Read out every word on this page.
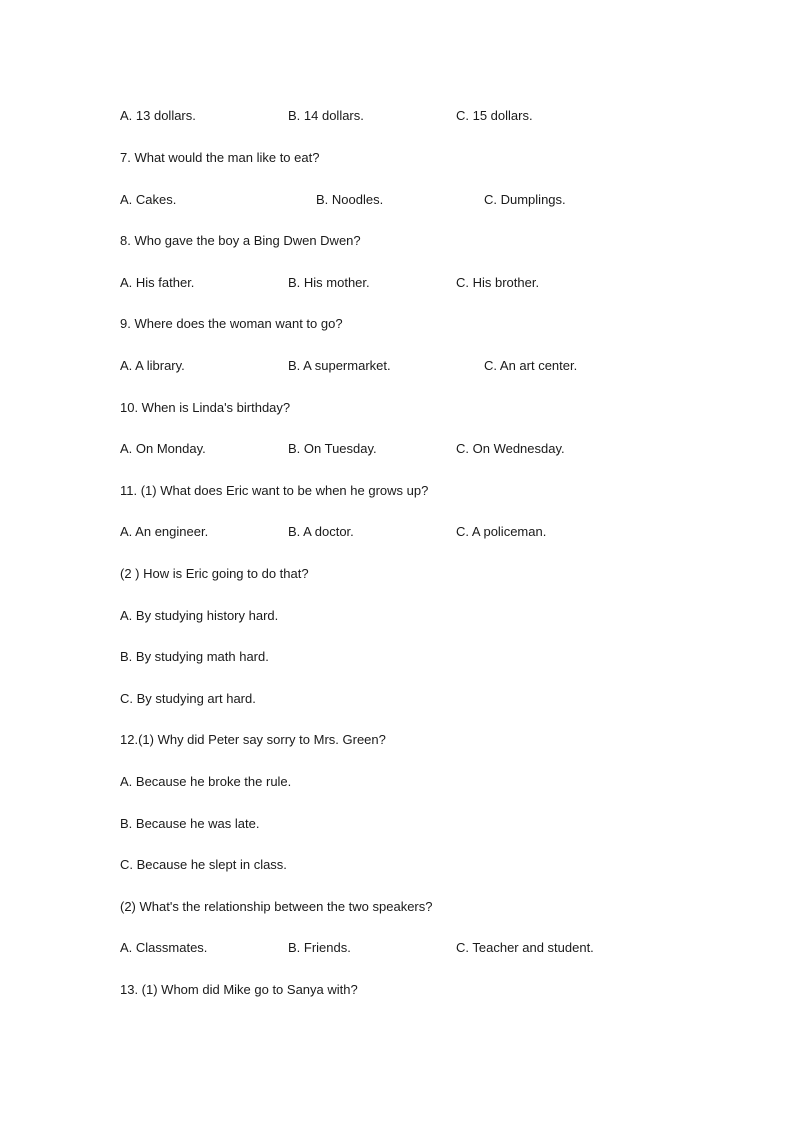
A. 13 dollars.	B. 14 dollars.	C. 15 dollars.
7. What would the man like to eat?
A. Cakes.	B. Noodles.	C. Dumplings.
8. Who gave the boy a Bing Dwen Dwen?
A. His father.	B. His mother.	C. His brother.
9. Where does the woman want to go?
A. A library.	B. A supermarket.	C. An art center.
10. When is Linda's birthday?
A. On Monday.	B. On Tuesday.	C. On Wednesday.
11. (1) What does Eric want to be when he grows up?
A. An engineer.	B. A doctor.	C. A policeman.
(2 ) How is Eric going to do that?
A. By studying history hard.
B. By studying math hard.
C. By studying art hard.
12.(1) Why did Peter say sorry to Mrs. Green?
A. Because he broke the rule.
B. Because he was late.
C. Because he slept in class.
(2) What's the relationship between the two speakers?
A. Classmates.	B. Friends.	C. Teacher and student.
13. (1) Whom did Mike go to Sanya with?
